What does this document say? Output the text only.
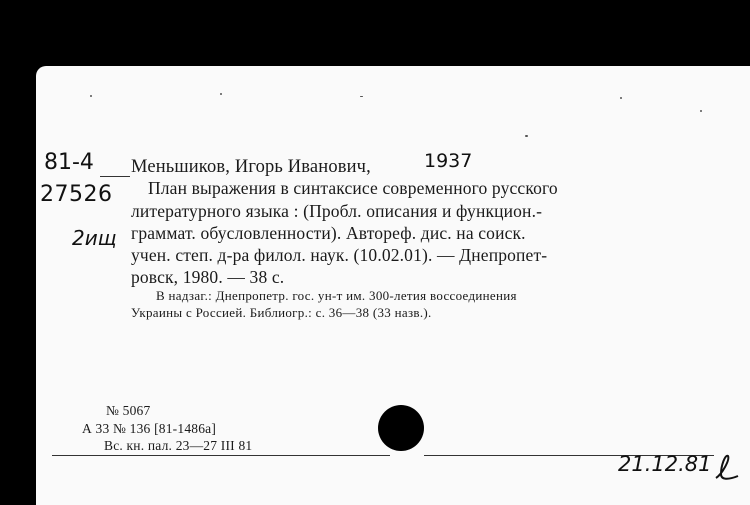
81-4
27526
2ищ
Меньшиков, Игорь Иванович,	1937
План выражения в синтаксисе современного русского
литературного языка : (Пробл. описания и функцион.-
граммат. обусловленности). Автореф. дис. на соиск.
учен. степ. д-ра филол. наук. (10.02.01). — Днепропет-
ровск, 1980. — 38 с.
В надзаг.: Днепропетр. гос. ун-т им. 300-летия воссоединения
Украины с Россией. Библиогр.: с. 36—38 (33 назв.).
№ 5067
А 33 № 136 [81-1486а]
Вс. кн. пал. 23—27 III 81
21.12.81
